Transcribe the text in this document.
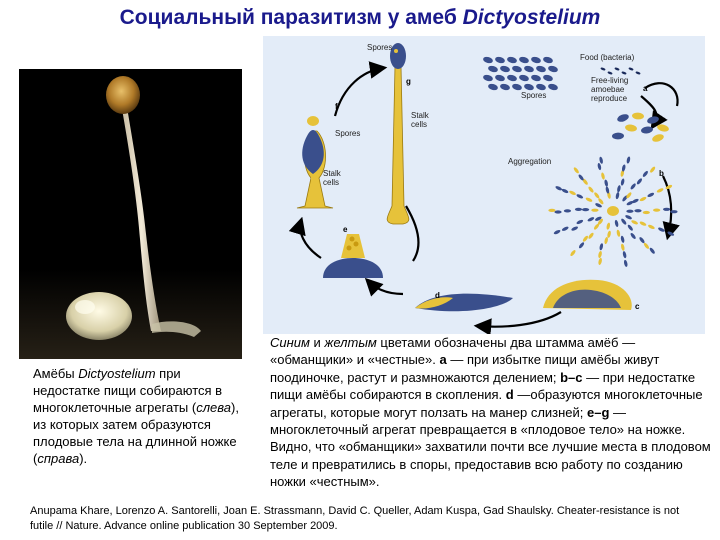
Социальный паразитизм у амеб Dictyostelium
Амёбы Dictyostelium при недостатке пищи собираются в многоклеточные агрегаты (слева), из которых затем образуются плодовые тела на длинной ножке (справа).
Spores
Food (bacteria)
Free-living
amoebae
reproduce
Spores
Aggregation
Spores
Stalk
cells
Stalk
cells
a
b
c
d
e
f
g
Синим и желтым цветами обозначены два штамма амёб — «обманщики» и «честные». a — при избытке пищи амёбы живут поодиночке, растут и размножаются делением; b–c — при недостатке пищи амёбы собираются в скопления. d —образуются многоклеточные агрегаты, которые могут ползать на манер слизней; e–g — многоклеточный агрегат превращается в «плодовое тело» на ножке. Видно, что «обманщики» захватили почти все лучшие места в плодовом теле и превратились в споры, предоставив всю работу по созданию ножки «честным».
Anupama Khare, Lorenzo A. Santorelli, Joan E. Strassmann, David C. Queller, Adam Kuspa, Gad Shaulsky. Cheater-resistance is not futile // Nature. Advance online publication 30 September 2009.
